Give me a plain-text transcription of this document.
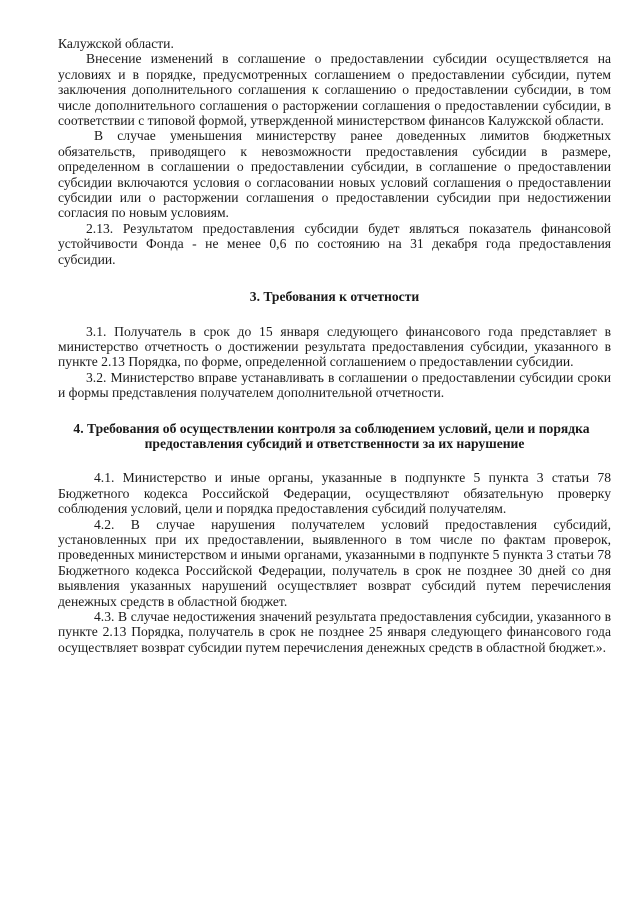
Калужской области.

Внесение изменений в соглашение о предоставлении субсидии осуществляется на условиях и в порядке, предусмотренных соглашением о предоставлении субсидии, путем заключения дополнительного соглашения к соглашению о предоставлении субсидии, в том числе дополнительного соглашения о расторжении соглашения о предоставлении субсидии, в соответствии с типовой формой, утвержденной министерством финансов Калужской области.

В случае уменьшения министерству ранее доведенных лимитов бюджетных обязательств, приводящего к невозможности предоставления субсидии в размере, определенном в соглашении о предоставлении субсидии, в соглашение о предоставлении субсидии включаются условия о согласовании новых условий соглашения о предоставлении субсидии или о расторжении соглашения о предоставлении субсидии при недостижении согласия по новым условиям.

2.13. Результатом предоставления субсидии будет являться показатель финансовой устойчивости Фонда - не менее 0,6 по состоянию на 31 декабря года предоставления субсидии.

3. Требования к отчетности

3.1. Получатель в срок до 15 января следующего финансового года представляет в министерство отчетность о достижении результата предоставления субсидии, указанного в пункте 2.13 Порядка, по форме, определенной соглашением о предоставлении субсидии.

3.2. Министерство вправе устанавливать в соглашении о предоставлении субсидии сроки и формы представления получателем дополнительной отчетности.

4. Требования об осуществлении контроля за соблюдением условий, цели и порядка

предоставления субсидий и ответственности за их нарушение

4.1. Министерство и иные органы, указанные в подпункте 5 пункта 3 статьи 78 Бюджетного кодекса Российской Федерации, осуществляют обязательную проверку соблюдения условий, цели и порядка предоставления субсидий получателям.

4.2. В случае нарушения получателем условий предоставления субсидий, установленных при их предоставлении, выявленного в том числе по фактам проверок, проведенных министерством и иными органами, указанными в подпункте 5 пункта 3 статьи 78 Бюджетного кодекса Российской Федерации, получатель в срок не позднее 30 дней со дня выявления указанных нарушений осуществляет возврат субсидий путем перечисления денежных средств в областной бюджет.

4.3. В случае недостижения значений результата предоставления субсидии, указанного в пункте 2.13 Порядка, получатель в срок не позднее 25 января следующего финансового года осуществляет возврат субсидии путем перечисления денежных средств в областной бюджет.».
